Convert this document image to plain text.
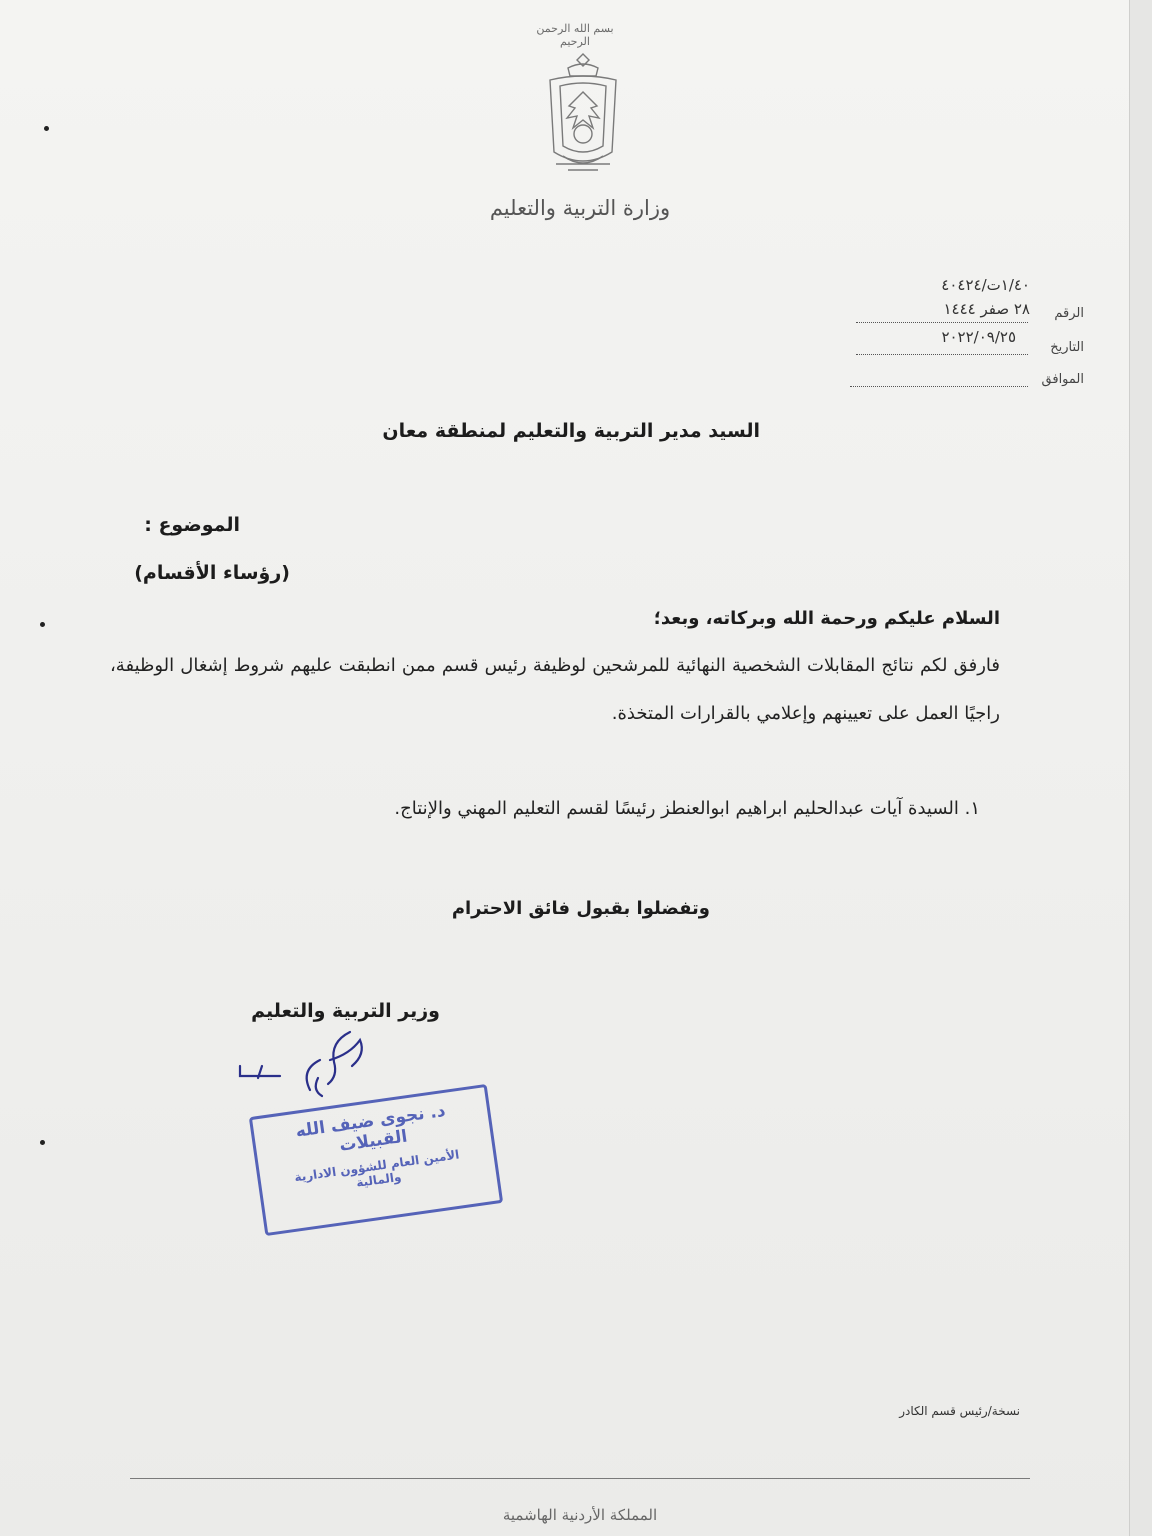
بسم الله الرحمن الرحيم
وزارة التربية والتعليم
١/٤٠ت/٤٠٤٢٤
الرقم
٢٨ صفر ١٤٤٤
التاريخ
٢٠٢٢/٠٩/٢٥
الموافق
السيد مدير التربية والتعليم لمنطقة معان
الموضوع :
(رؤساء الأقسام)
السلام عليكم ورحمة الله وبركاته، وبعد؛
فارفق لكم نتائج المقابلات الشخصية النهائية للمرشحين لوظيفة رئيس قسم ممن انطبقت عليهم شروط إشغال الوظيفة، راجيًا العمل على تعيينهم وإعلامي بالقرارات المتخذة.
١. السيدة آيات عبدالحليم ابراهيم ابوالعنطز رئيسًا لقسم التعليم المهني والإنتاج.
وتفضلوا بقبول فائق الاحترام
وزير التربية والتعليم
د. نجوى ضيف الله القبيلات
الأمين العام للشؤون الادارية والمالية
نسخة/رئيس قسم الكادر
المملكة الأردنية الهاشمية
